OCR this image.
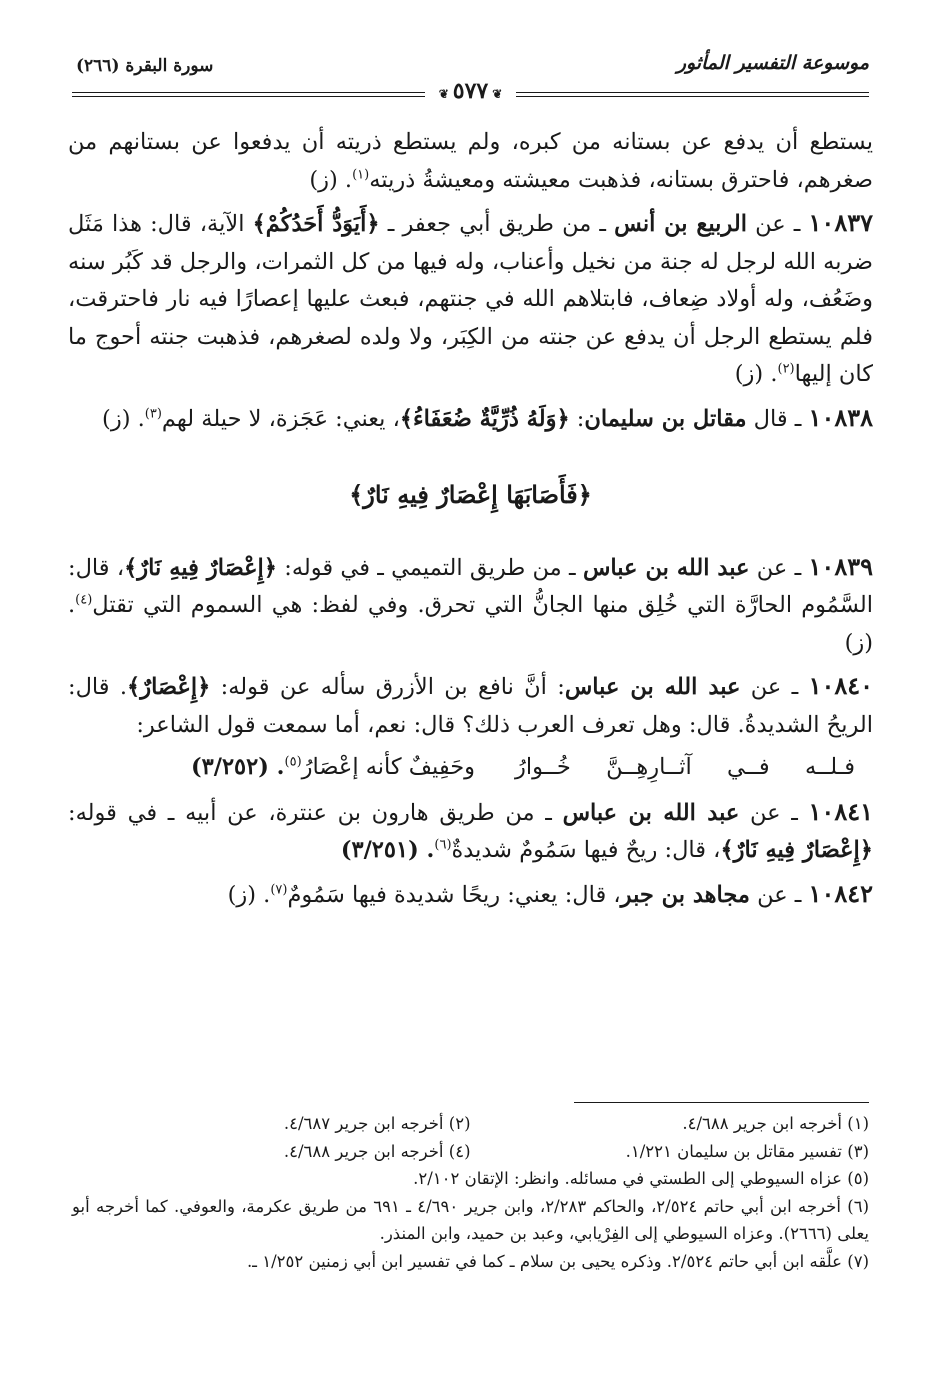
موسوعة التفسير المأثور
سورة البقرة (٢٦٦)
❦٥٧٧❦

يستطع أن يدفع عن بستانه من كبره، ولم يستطع ذريته أن يدفعوا عن بستانهم من صغرهم، فاحترق بستانه، فذهبت معيشته ومعيشةُ ذريته$^{(١)}$. (ز)

١٠٨٣٧ ـ عن الربيع بن أنس ـ من طريق أبي جعفر ـ ﴿أَيَوَدُّ أَحَدُكُمْ﴾ الآية، قال: هذا مَثَل ضربه الله لرجل له جنة من نخيل وأعناب، وله فيها من كل الثمرات، والرجل قد كَبُر سنه وضَعُف، وله أولاد ضِعاف، فابتلاهم الله في جنتهم، فبعث عليها إعصارًا فيه نار فاحترقت، فلم يستطع الرجل أن يدفع عن جنته من الكِبَر، ولا ولده لصغرهم، فذهبت جنته أحوج ما كان إليها$^{(٢)}$. (ز)

١٠٨٣٨ ـ قال مقاتل بن سليمان: ﴿وَلَهُ ذُرِّيَّةٌ ضُعَفَاءُ﴾، يعني: عَجَزة، لا حيلة لهم$^{(٣)}$. (ز)

﴿فَأَصَابَهَا إِعْصَارٌ فِيهِ نَارٌ﴾

١٠٨٣٩ ـ عن عبد الله بن عباس ـ من طريق التميمي ـ في قوله: ﴿إِعْصَارٌ فِيهِ نَارٌ﴾، قال: السَّمُوم الحارَّة التي خُلِق منها الجانُّ التي تحرق. وفي لفظ: هي السموم التي تقتل$^{(٤)}$. (ز)

١٠٨٤٠ ـ عن عبد الله بن عباس: أنَّ نافع بن الأزرق سأله عن قوله: ﴿إِعْصَارٌ﴾. قال: الريحُ الشديدةُ. قال: وهل تعرف العرب ذلك؟ قال: نعم، أما سمعت قول الشاعر:

فـلــه فــي آثــارِهِــنَّ خُــوارُ
وحَفِيفٌ كأنه إعْصَارُ$^{(٥)}$. (٣/٢٥٢)

١٠٨٤١ ـ عن عبد الله بن عباس ـ من طريق هارون بن عنترة، عن أبيه ـ في قوله: ﴿إِعْصَارٌ فِيهِ نَارٌ﴾، قال: ريحٌ فيها سَمُومٌ شديدةٌ$^{(٦)}$. (٣/٢٥١)

١٠٨٤٢ ـ عن مجاهد بن جبر، قال: يعني: ريحًا شديدة فيها سَمُومٌ$^{(٧)}$. (ز)

(١) أخرجه ابن جرير ٤/٦٨٨.
(٢) أخرجه ابن جرير ٤/٦٨٧.
(٣) تفسير مقاتل بن سليمان ١/٢٢١.
(٤) أخرجه ابن جرير ٤/٦٨٨.
(٥) عزاه السيوطي إلى الطستي في مسائله. وانظر: الإتقان ٢/١٠٢.
(٦) أخرجه ابن أبي حاتم ٢/٥٢٤، والحاكم ٢/٢٨٣، وابن جرير ٤/٦٩٠ ـ ٦٩١ من طريق عكرمة، والعوفي. كما أخرجه أبو يعلى (٢٦٦٦). وعزاه السيوطي إلى الفِرْيابي، وعبد بن حميد، وابن المنذر.
(٧) علَّقه ابن أبي حاتم ٢/٥٢٤. وذكره يحيى بن سلام ـ كما في تفسير ابن أبي زمنين ١/٢٥٢ ـ.
